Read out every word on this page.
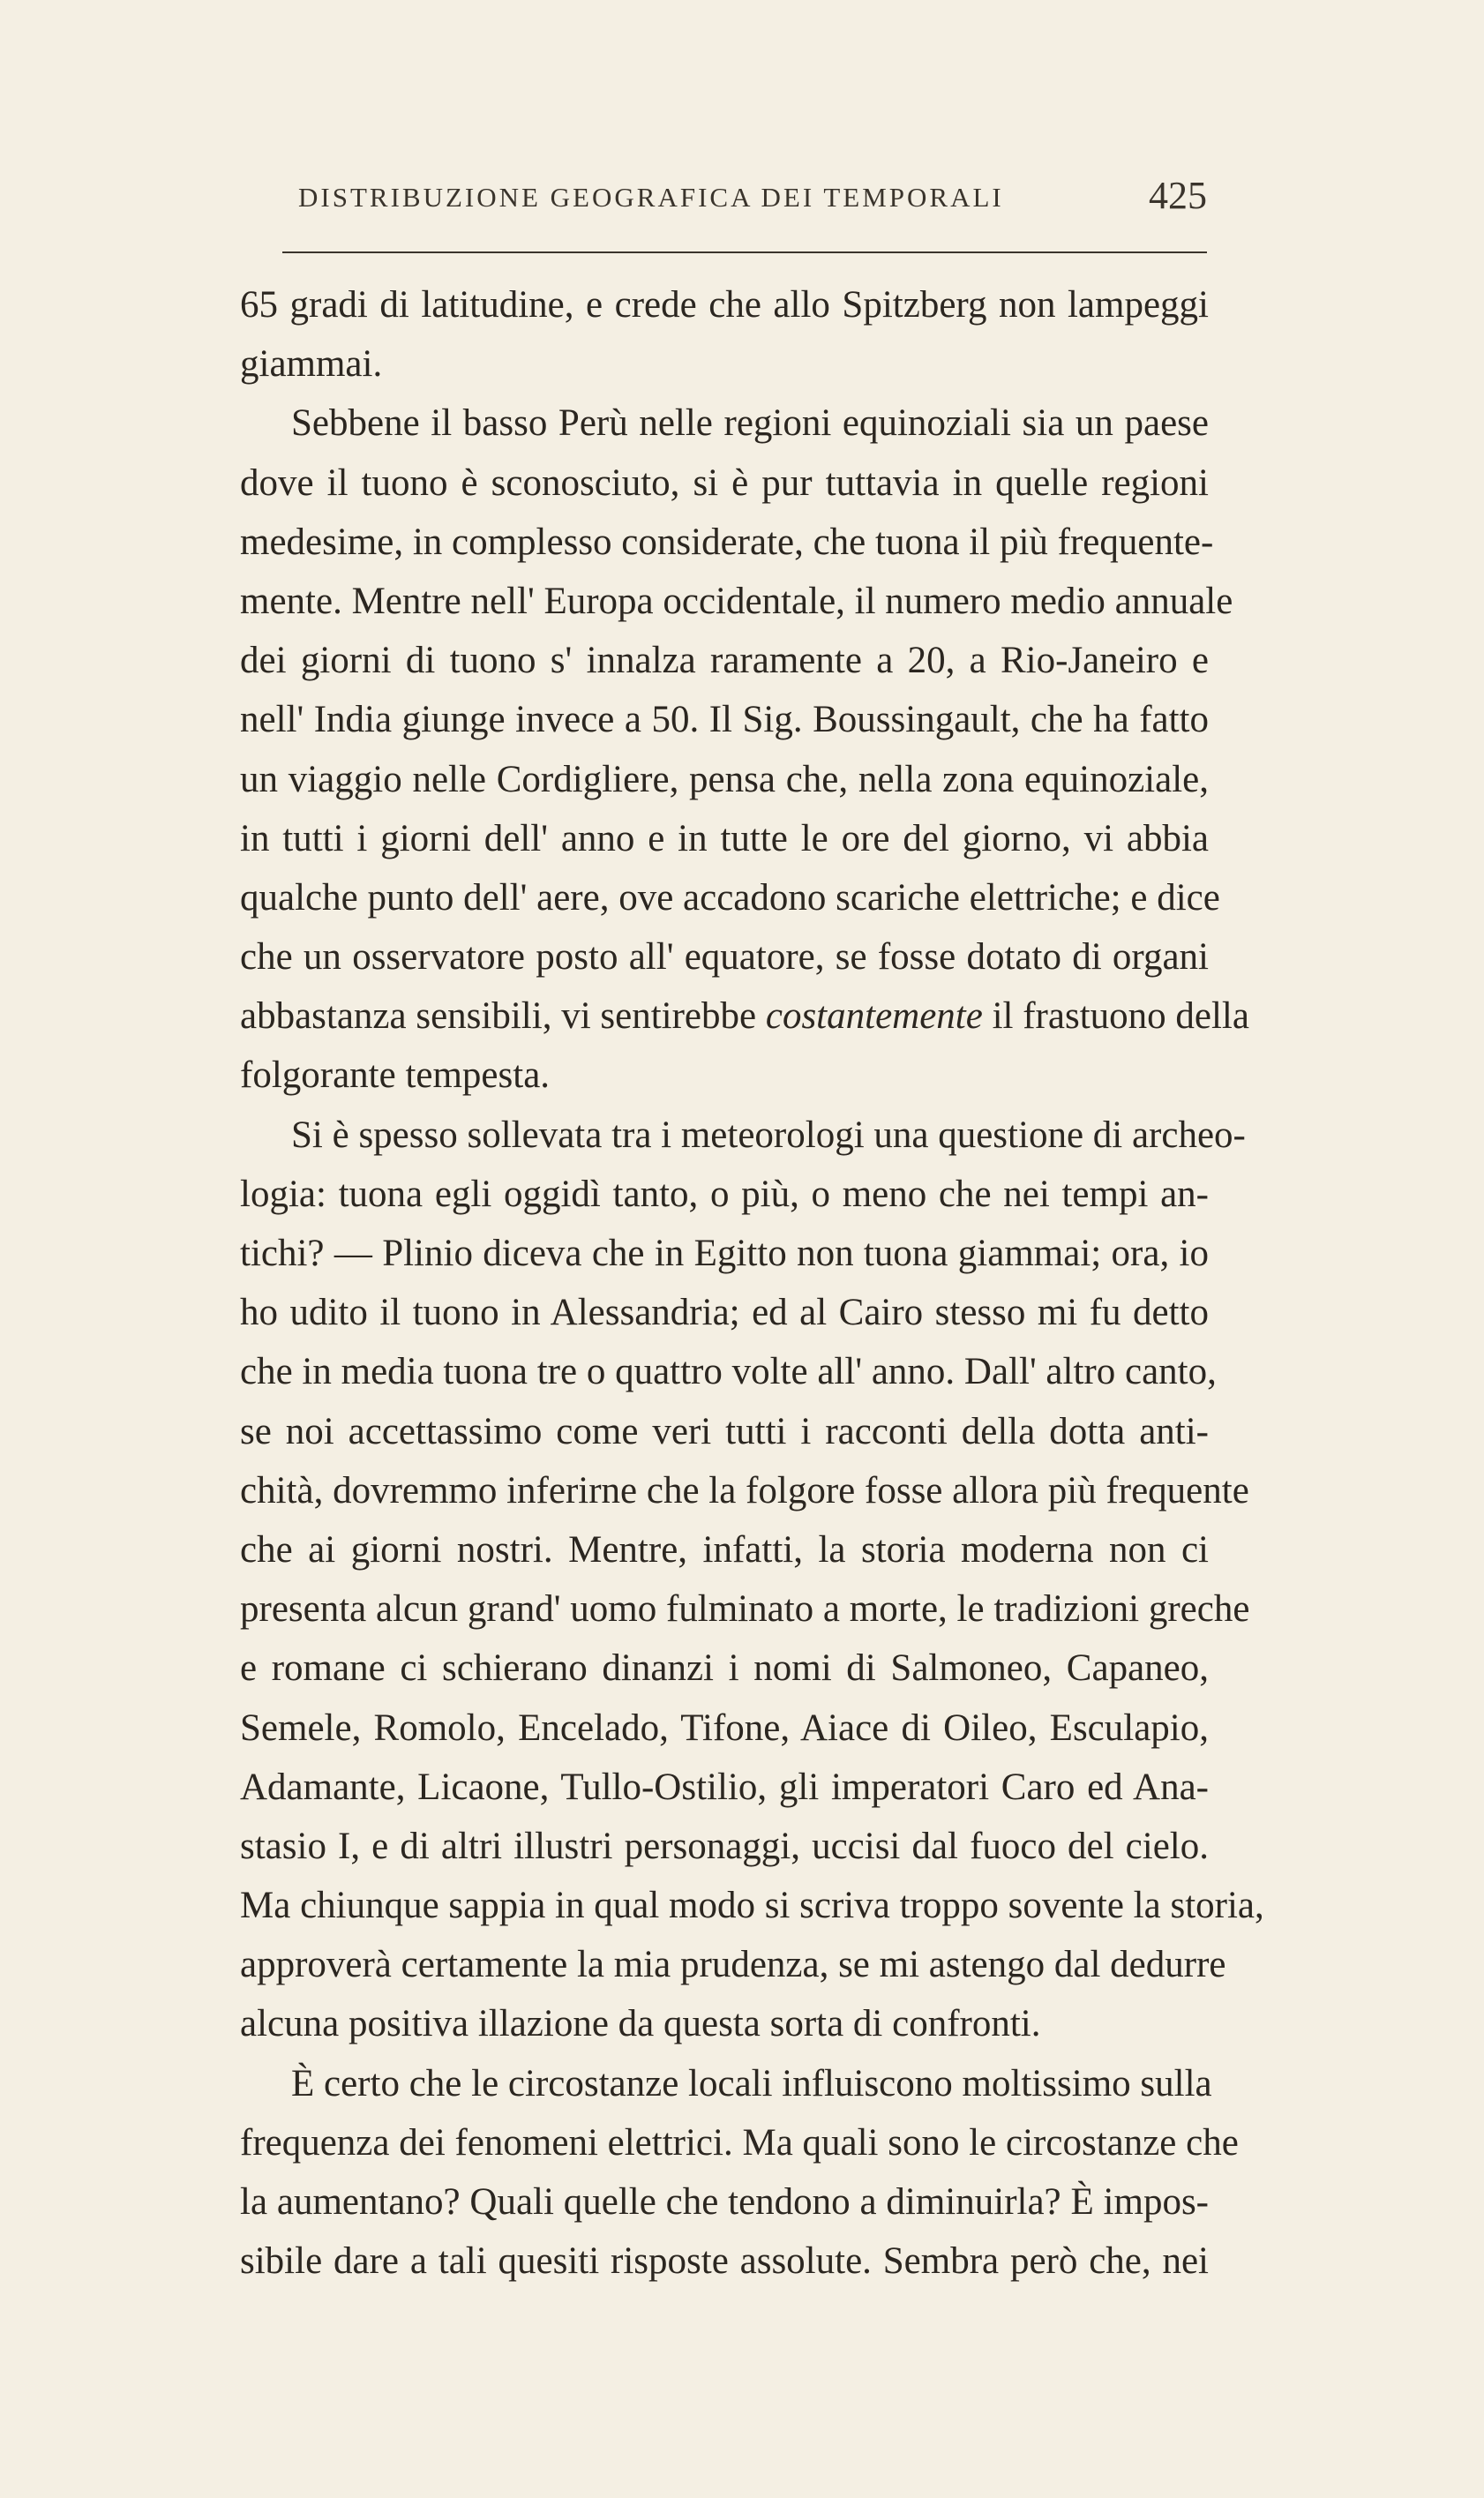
DISTRIBUZIONE GEOGRAFICA DEI TEMPORALI	425
65 gradi di latitudine, e crede che allo Spitzberg non lampeggi
giammai.
Sebbene il basso Perù nelle regioni equinoziali sia un paese
dove il tuono è sconosciuto, si è pur tuttavia in quelle regioni
medesime, in complesso considerate, che tuona il più frequente-
mente. Mentre nell' Europa occidentale, il numero medio annuale
dei giorni di tuono s' innalza raramente a 20, a Rio-Janeiro e
nell' India giunge invece a 50. Il Sig. Boussingault, che ha fatto
un viaggio nelle Cordigliere, pensa che, nella zona equinoziale,
in tutti i giorni dell' anno e in tutte le ore del giorno, vi abbia
qualche punto dell' aere, ove accadono scariche elettriche; e dice
che un osservatore posto all' equatore, se fosse dotato di organi
abbastanza sensibili, vi sentirebbe costantemente il frastuono della
folgorante tempesta.
Si è spesso sollevata tra i meteorologi una questione di archeo-
logia: tuona egli oggidì tanto, o più, o meno che nei tempi an-
tichi? — Plinio diceva che in Egitto non tuona giammai; ora, io
ho udito il tuono in Alessandria; ed al Cairo stesso mi fu detto
che in media tuona tre o quattro volte all' anno. Dall' altro canto,
se noi accettassimo come veri tutti i racconti della dotta anti-
chità, dovremmo inferirne che la folgore fosse allora più frequente
che ai giorni nostri. Mentre, infatti, la storia moderna non ci
presenta alcun grand' uomo fulminato a morte, le tradizioni greche
e romane ci schierano dinanzi i nomi di Salmoneo, Capaneo,
Semele, Romolo, Encelado, Tifone, Aiace di Oileo, Esculapio,
Adamante, Licaone, Tullo-Ostilio, gli imperatori Caro ed Ana-
stasio I, e di altri illustri personaggi, uccisi dal fuoco del cielo.
Ma chiunque sappia in qual modo si scriva troppo sovente la storia,
approverà certamente la mia prudenza, se mi astengo dal dedurre
alcuna positiva illazione da questa sorta di confronti.
È certo che le circostanze locali influiscono moltissimo sulla
frequenza dei fenomeni elettrici. Ma quali sono le circostanze che
la aumentano? Quali quelle che tendono a diminuirla? È impos-
sibile dare a tali quesiti risposte assolute. Sembra però che, nei
